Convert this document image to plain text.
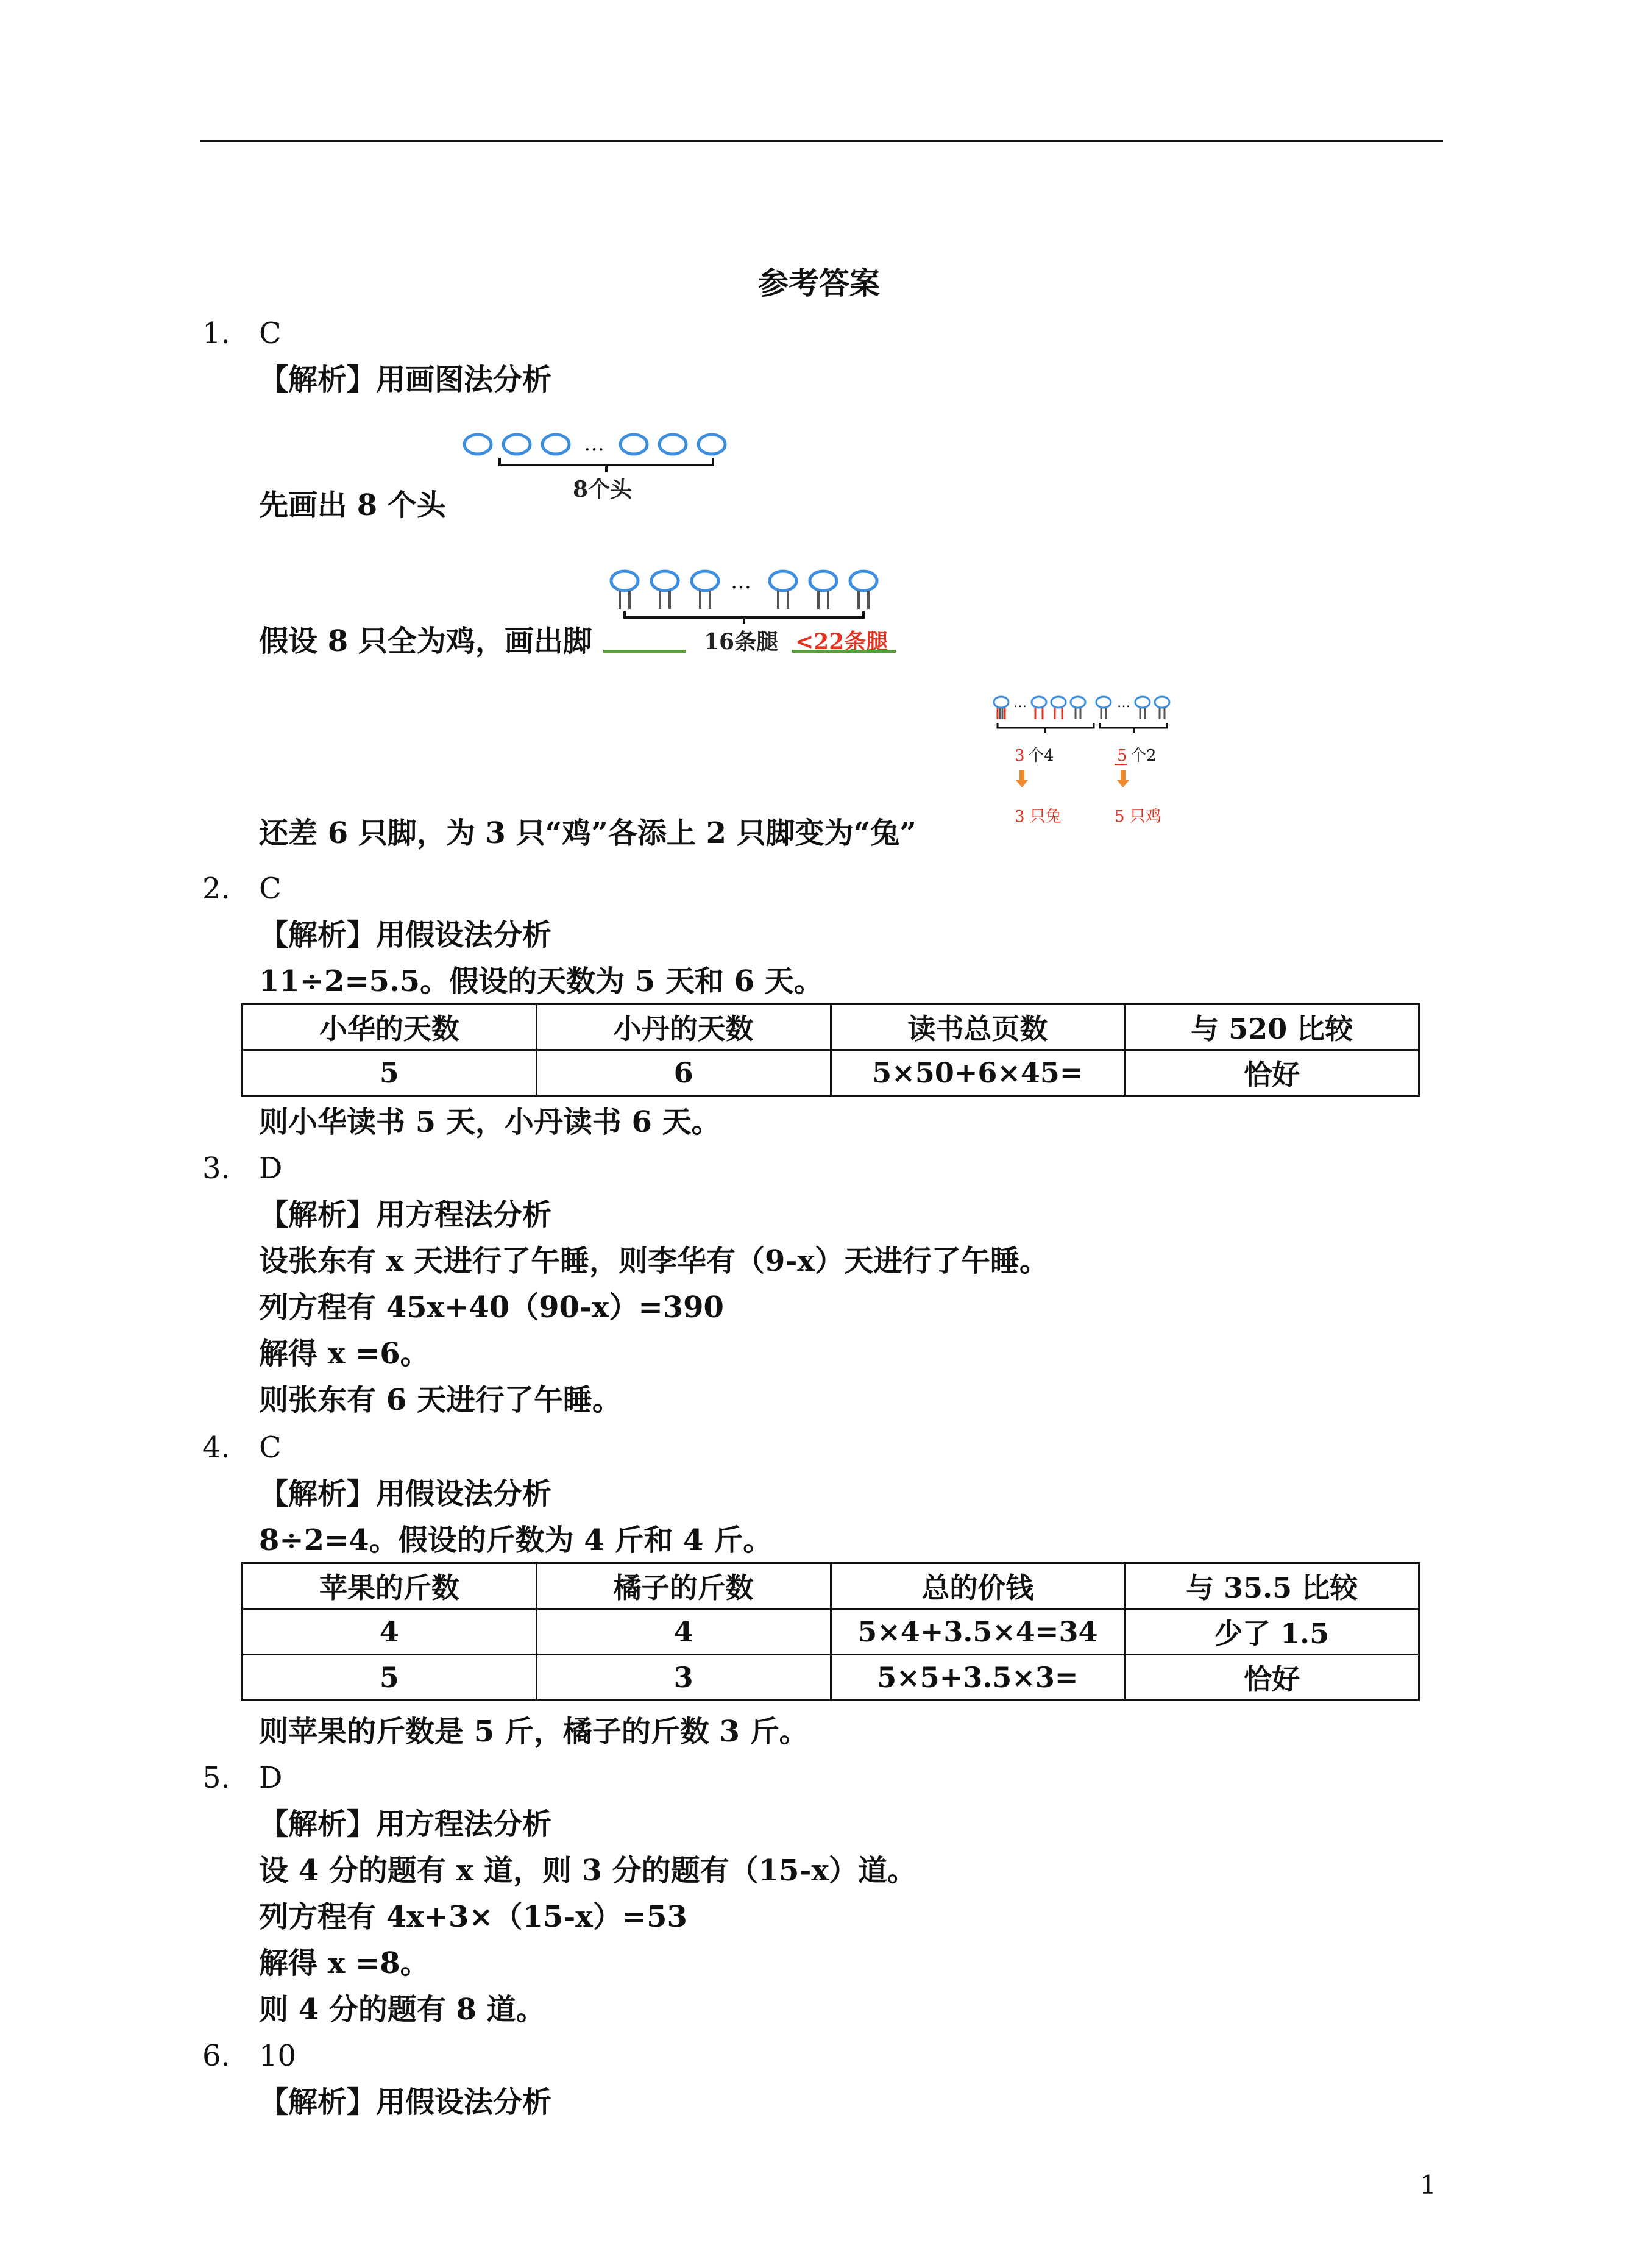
参考答案
1. C
【解析】用画图法分析
…
8个头
先画出 8 个头
…
16条腿 <22条腿
假设 8 只全为鸡，画出脚
…	…
3 个4	5 个2
3 只兔	5 只鸡
还差 6 只脚，为 3 只“鸡”各添上 2 只脚变为“兔”
2. C
【解析】用假设法分析
11÷2=5.5。假设的天数为 5 天和 6 天。
小华的天数	小丹的天数	读书总页数	与 520 比较
5	6	5×50+6×45=	恰好
则小华读书 5 天，小丹读书 6 天。
3. D
【解析】用方程法分析
设张东有 x 天进行了午睡，则李华有（9-x）天进行了午睡。
列方程有 45x+40（90-x）=390
解得 x =6。
则张东有 6 天进行了午睡。
4. C
【解析】用假设法分析
8÷2=4。假设的斤数为 4 斤和 4 斤。
苹果的斤数	橘子的斤数	总的价钱	与 35.5 比较
4	4	5×4+3.5×4=34	少了 1.5
5	3	5×5+3.5×3=	恰好
则苹果的斤数是 5 斤，橘子的斤数 3 斤。
5. D
【解析】用方程法分析
设 4 分的题有 x 道，则 3 分的题有（15-x）道。
列方程有 4x+3×（15-x）=53
解得 x =8。
则 4 分的题有 8 道。
6. 10
【解析】用假设法分析
1
